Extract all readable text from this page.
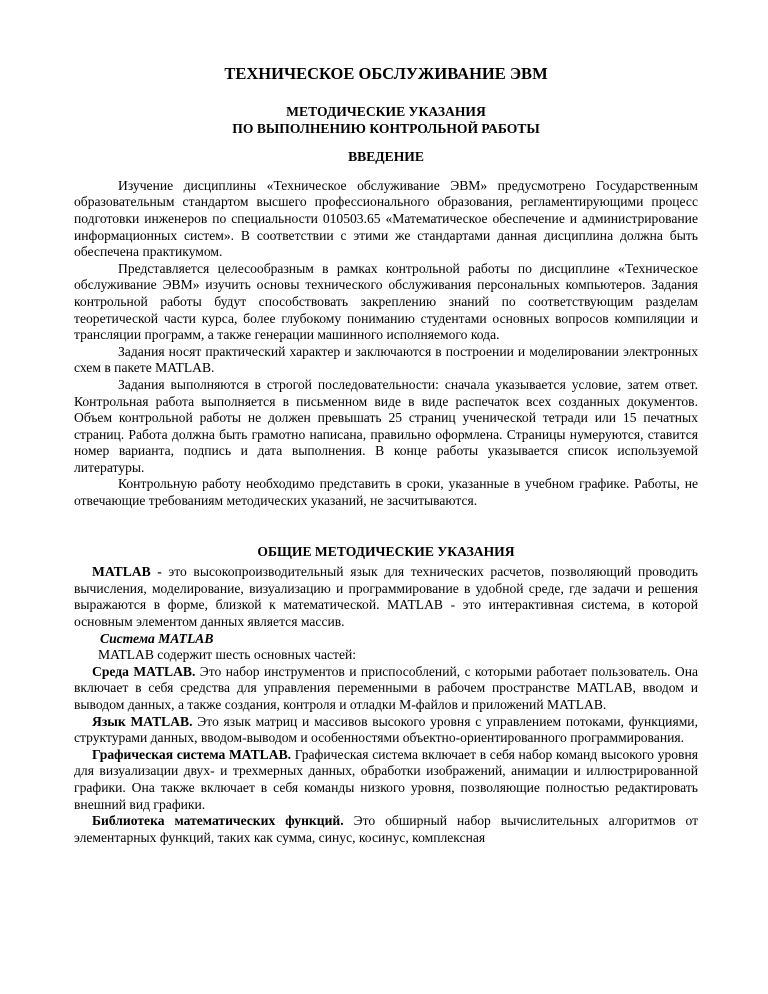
ТЕХНИЧЕСКОЕ ОБСЛУЖИВАНИЕ ЭВМ
МЕТОДИЧЕСКИЕ УКАЗАНИЯ
ПО ВЫПОЛНЕНИЮ КОНТРОЛЬНОЙ РАБОТЫ
ВВЕДЕНИЕ

Изучение дисциплины «Техническое обслуживание ЭВМ» предусмотрено Государственным образовательным стандартом высшего профессионального образования, регламентирующими процесс подготовки инженеров по специальности 010503.65 «Математическое обеспечение и администрирование информационных систем». В соответствии с этими же стандартами данная дисциплина должна быть обеспечена практикумом.

Представляется целесообразным в рамках контрольной работы по дисциплине «Техническое обслуживание ЭВМ» изучить основы технического обслуживания персональных компьютеров. Задания контрольной работы будут способствовать закреплению знаний по соответствующим разделам теоретической части курса, более глубокому пониманию студентами основных вопросов компиляции и трансляции программ, а также генерации машинного исполняемого кода.

Задания носят практический характер и заключаются в построении и моделировании электронных схем в пакете MATLAB.

Задания выполняются в строгой последовательности: сначала указывается условие, затем ответ. Контрольная работа выполняется в письменном виде в виде распечаток всех созданных документов. Объем контрольной работы не должен превышать 25 страниц ученической тетради или 15 печатных страниц. Работа должна быть грамотно написана, правильно оформлена. Страницы нумеруются, ставится номер варианта, подпись и дата выполнения. В конце работы указывается список используемой литературы.

Контрольную работу необходимо представить в сроки, указанные в учебном графике. Работы, не отвечающие требованиям методических указаний, не засчитываются.

ОБЩИЕ МЕТОДИЧЕСКИЕ УКАЗАНИЯ

MATLAB - это высокопроизводительный язык для технических расчетов, позволяющий проводить вычисления, моделирование, визуализацию и программирование в удобной среде, где задачи и решения выражаются в форме, близкой к математической. MATLAB - это интерактивная система, в которой основным элементом данных является массив.

Система MATLAB

MATLAB содержит шесть основных частей:

Среда MATLAB. Это набор инструментов и приспособлений, с которыми работает пользователь. Она включает в себя средства для управления переменными в рабочем пространстве MATLAB, вводом и выводом данных, а также создания, контроля и отладки М-файлов и приложений MATLAB.

Язык MATLAB. Это язык матриц и массивов высокого уровня с управлением потоками, функциями, структурами данных, вводом-выводом и особенностями объектно-ориентированного программирования.

Графическая система MATLAB. Графическая система включает в себя набор команд высокого уровня для визуализации двух- и трехмерных данных, обработки изображений, анимации и иллюстрированной графики. Она также включает в себя команды низкого уровня, позволяющие полностью редактировать внешний вид графики.

Библиотека математических функций. Это обширный набор вычислительных алгоритмов от элементарных функций, таких как сумма, синус, косинус, комплексная
